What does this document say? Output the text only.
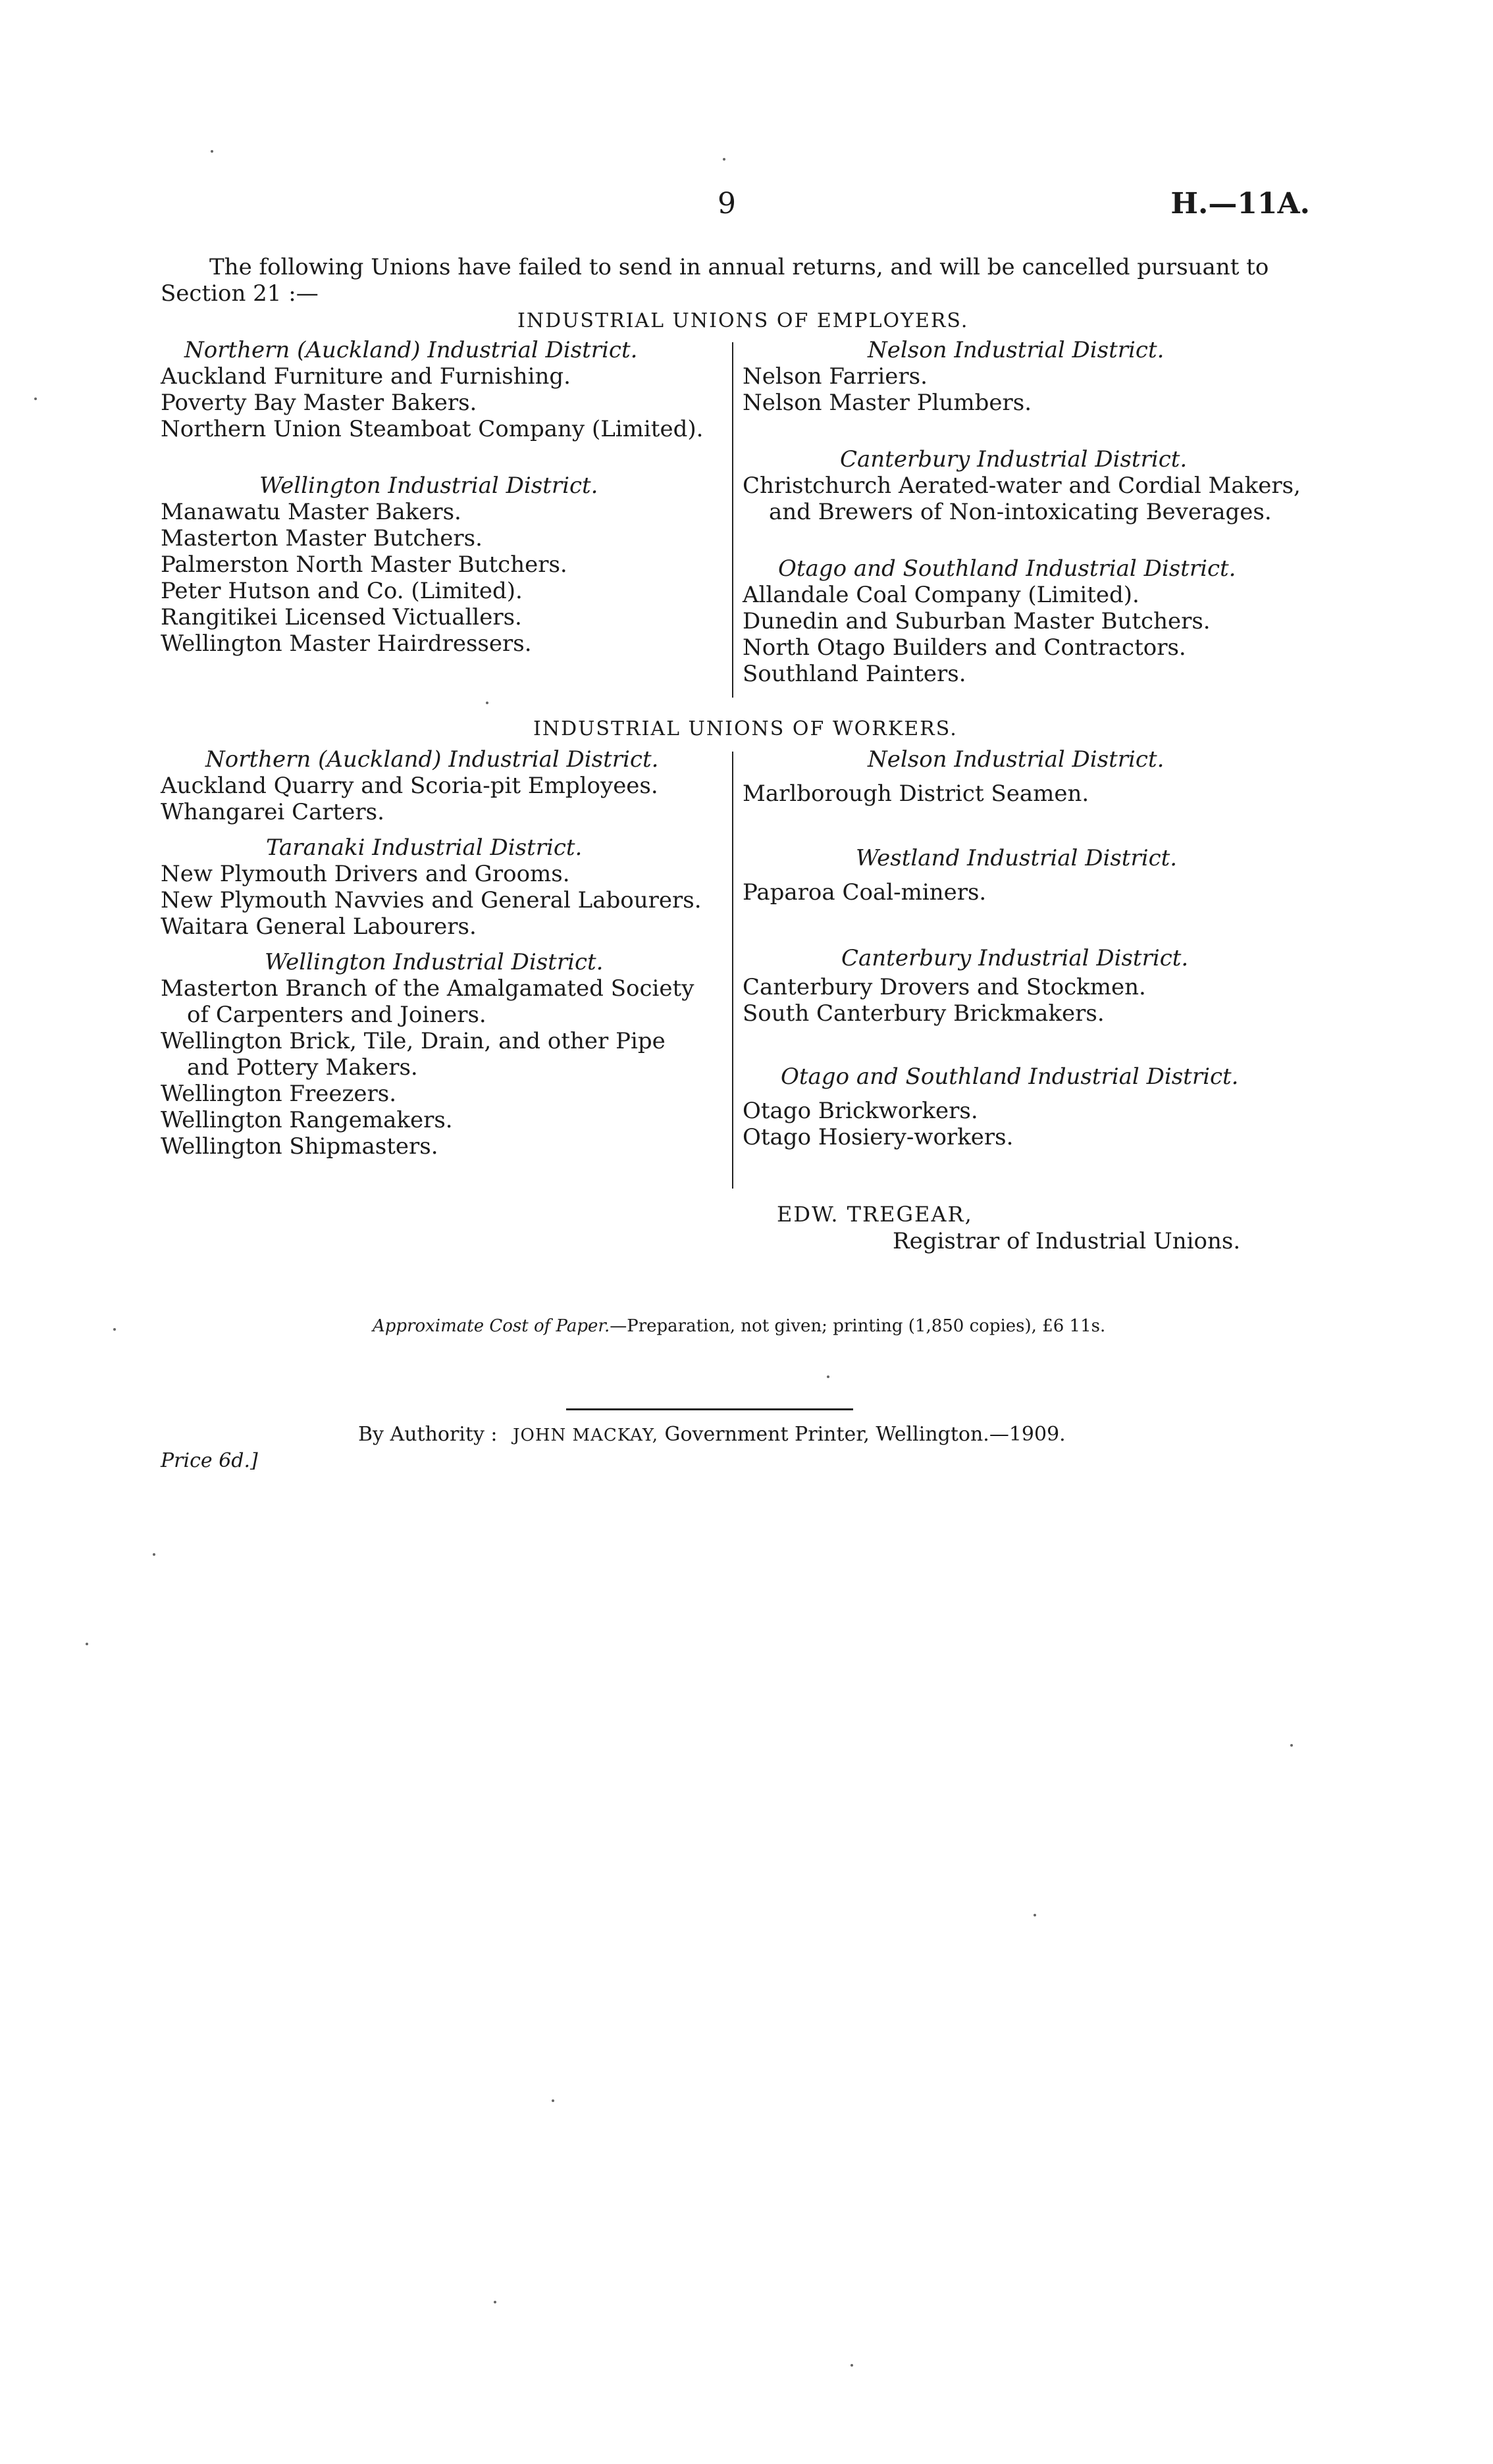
9	H.—11A.
The following Unions have failed to send in annual returns, and will be cancelled pursuant to
Section 21 :—
INDUSTRIAL UNIONS OF EMPLOYERS.
Northern (Auckland) Industrial District.
Auckland Furniture and Furnishing.
Poverty Bay Master Bakers.
Northern Union Steamboat Company (Limited).
Wellington Industrial District.
Manawatu Master Bakers.
Masterton Master Butchers.
Palmerston North Master Butchers.
Peter Hutson and Co. (Limited).
Rangitikei Licensed Victuallers.
Wellington Master Hairdressers.
Nelson Industrial District.
Nelson Farriers.
Nelson Master Plumbers.
Canterbury Industrial District.
Christchurch Aerated-water and Cordial Makers,
and Brewers of Non-intoxicating Beverages.
Otago and Southland Industrial District.
Allandale Coal Company (Limited).
Dunedin and Suburban Master Butchers.
North Otago Builders and Contractors.
Southland Painters.
INDUSTRIAL UNIONS OF WORKERS.
Northern (Auckland) Industrial District.
Auckland Quarry and Scoria-pit Employees.
Whangarei Carters.
Taranaki Industrial District.
New Plymouth Drivers and Grooms.
New Plymouth Navvies and General Labourers.
Waitara General Labourers.
Wellington Industrial District.
Masterton Branch of the Amalgamated Society
of Carpenters and Joiners.
Wellington Brick, Tile, Drain, and other Pipe
and Pottery Makers.
Wellington Freezers.
Wellington Rangemakers.
Wellington Shipmasters.
Nelson Industrial District.
Marlborough District Seamen.
Westland Industrial District.
Paparoa Coal-miners.
Canterbury Industrial District.
Canterbury Drovers and Stockmen.
South Canterbury Brickmakers.
Otago and Southland Industrial District.
Otago Brickworkers.
Otago Hosiery-workers.
EDW. TREGEAR,
Registrar of Industrial Unions.
Approximate Cost of Paper.—Preparation, not given; printing (1,850 copies), £6 11s.
By Authority : JOHN MACKAY, Government Printer, Wellington.—1909.
Price 6d.]
